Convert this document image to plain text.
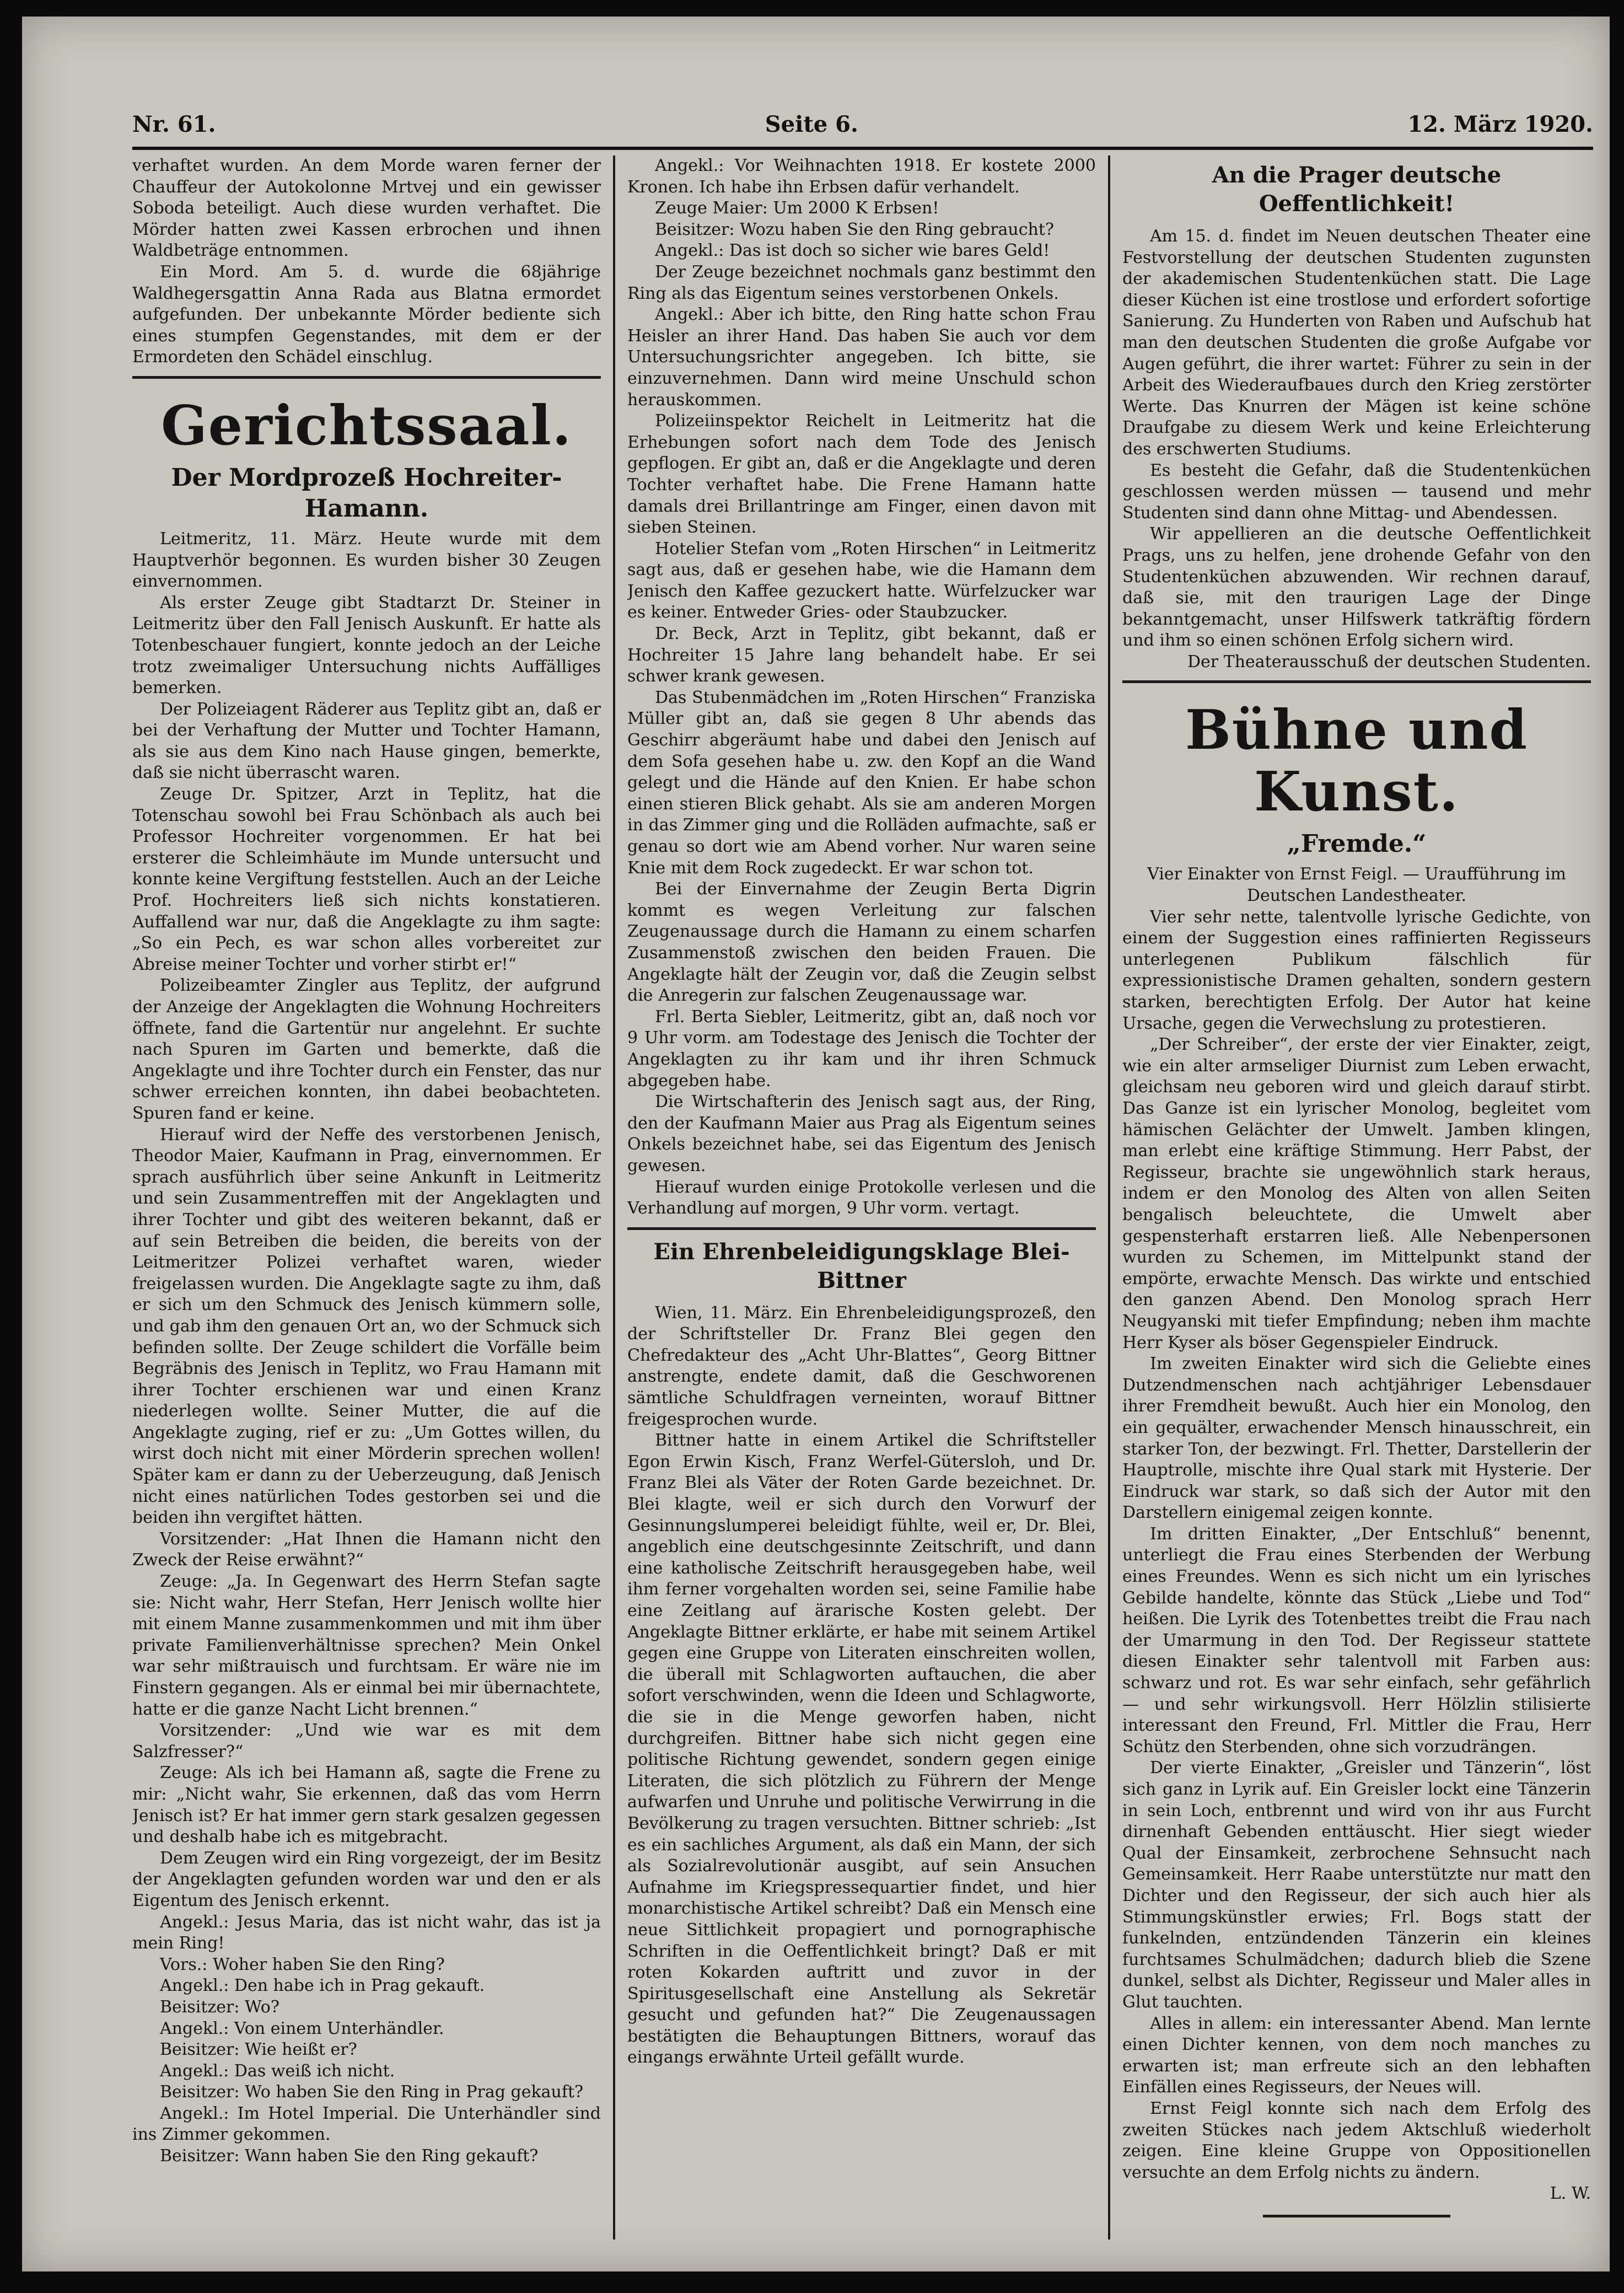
Nr. 61.	Seite 6.	12. März 1920.

verhaftet wurden. An dem Morde waren ferner der Chauffeur der Autokolonne Mrtvej und ein gewisser Soboda beteiligt. Auch diese wurden verhaftet. Die Mörder hatten zwei Kassen erbrochen und ihnen Waldbeträge entnommen.

Ein Mord. Am 5. d. wurde die 68jährige Waldhegersgattin Anna Rada aus Blatna ermordet aufgefunden. Der unbekannte Mörder bediente sich eines stumpfen Gegenstandes, mit dem er der Ermordeten den Schädel einschlug.

Gerichtssaal.
Der Mordprozeß Hochreiter-Hamann.

Leitmeritz, 11. März. Heute wurde mit dem Hauptverhör begonnen. Es wurden bisher 30 Zeugen einvernommen.

Als erster Zeuge gibt Stadtarzt Dr. Steiner in Leitmeritz über den Fall Jenisch Auskunft. Er hatte als Totenbeschauer fungiert, konnte jedoch an der Leiche trotz zweimaliger Untersuchung nichts Auffälliges bemerken.

Der Polizeiagent Räderer aus Teplitz gibt an, daß er bei der Verhaftung der Mutter und Tochter Hamann, als sie aus dem Kino nach Hause gingen, bemerkte, daß sie nicht überrascht waren.

Zeuge Dr. Spitzer, Arzt in Teplitz, hat die Totenschau sowohl bei Frau Schönbach als auch bei Professor Hochreiter vorgenommen. Er hat bei ersterer die Schleimhäute im Munde untersucht und konnte keine Vergiftung feststellen. Auch an der Leiche Prof. Hochreiters ließ sich nichts konstatieren. Auffallend war nur, daß die Angeklagte zu ihm sagte: „So ein Pech, es war schon alles vorbereitet zur Abreise meiner Tochter und vorher stirbt er!“

Polizeibeamter Zingler aus Teplitz, der aufgrund der Anzeige der Angeklagten die Wohnung Hochreiters öffnete, fand die Gartentür nur angelehnt. Er suchte nach Spuren im Garten und bemerkte, daß die Angeklagte und ihre Tochter durch ein Fenster, das nur schwer erreichen konnten, ihn dabei beobachteten. Spuren fand er keine.

Hierauf wird der Neffe des verstorbenen Jenisch, Theodor Maier, Kaufmann in Prag, einvernommen. Er sprach ausführlich über seine Ankunft in Leitmeritz und sein Zusammentreffen mit der Angeklagten und ihrer Tochter und gibt des weiteren bekannt, daß er auf sein Betreiben die beiden, die bereits von der Leitmeritzer Polizei verhaftet waren, wieder freigelassen wurden. Die Angeklagte sagte zu ihm, daß er sich um den Schmuck des Jenisch kümmern solle, und gab ihm den genauen Ort an, wo der Schmuck sich befinden sollte. Der Zeuge schildert die Vorfälle beim Begräbnis des Jenisch in Teplitz, wo Frau Hamann mit ihrer Tochter erschienen war und einen Kranz niederlegen wollte. Seiner Mutter, die auf die Angeklagte zuging, rief er zu: „Um Gottes willen, du wirst doch nicht mit einer Mörderin sprechen wollen! Später kam er dann zu der Ueberzeugung, daß Jenisch nicht eines natürlichen Todes gestorben sei und die beiden ihn vergiftet hätten.

Vorsitzender: „Hat Ihnen die Hamann nicht den Zweck der Reise erwähnt?“

Zeuge: „Ja. In Gegenwart des Herrn Stefan sagte sie: Nicht wahr, Herr Stefan, Herr Jenisch wollte hier mit einem Manne zusammenkommen und mit ihm über private Familienverhältnisse sprechen? Mein Onkel war sehr mißtrauisch und furchtsam. Er wäre nie im Finstern gegangen. Als er einmal bei mir übernachtete, hatte er die ganze Nacht Licht brennen.“

Vorsitzender: „Und wie war es mit dem Salzfresser?“

Zeuge: Als ich bei Hamann aß, sagte die Frene zu mir: „Nicht wahr, Sie erkennen, daß das vom Herrn Jenisch ist? Er hat immer gern stark gesalzen gegessen und deshalb habe ich es mitgebracht.

Dem Zeugen wird ein Ring vorgezeigt, der im Besitz der Angeklagten gefunden worden war und den er als Eigentum des Jenisch erkennt.

Angekl.: Jesus Maria, das ist nicht wahr, das ist ja mein Ring!

Vors.: Woher haben Sie den Ring?

Angekl.: Den habe ich in Prag gekauft.

Beisitzer: Wo?

Angekl.: Von einem Unterhändler.

Beisitzer: Wie heißt er?

Angekl.: Das weiß ich nicht.

Beisitzer: Wo haben Sie den Ring in Prag gekauft?

Angekl.: Im Hotel Imperial. Die Unterhändler sind ins Zimmer gekommen.

Beisitzer: Wann haben Sie den Ring gekauft?

Angekl.: Vor Weihnachten 1918. Er kostete 2000 Kronen. Ich habe ihn Erbsen dafür verhandelt.

Zeuge Maier: Um 2000 K Erbsen!

Beisitzer: Wozu haben Sie den Ring gebraucht?

Angekl.: Das ist doch so sicher wie bares Geld!

Der Zeuge bezeichnet nochmals ganz bestimmt den Ring als das Eigentum seines verstorbenen Onkels.

Angekl.: Aber ich bitte, den Ring hatte schon Frau Heisler an ihrer Hand. Das haben Sie auch vor dem Untersuchungsrichter angegeben. Ich bitte, sie einzuvernehmen. Dann wird meine Unschuld schon herauskommen.

Polizeiinspektor Reichelt in Leitmeritz hat die Erhebungen sofort nach dem Tode des Jenisch gepflogen. Er gibt an, daß er die Angeklagte und deren Tochter verhaftet habe. Die Frene Hamann hatte damals drei Brillantringe am Finger, einen davon mit sieben Steinen.

Hotelier Stefan vom „Roten Hirschen“ in Leitmeritz sagt aus, daß er gesehen habe, wie die Hamann dem Jenisch den Kaffee gezuckert hatte. Würfelzucker war es keiner. Entweder Gries- oder Staubzucker.

Dr. Beck, Arzt in Teplitz, gibt bekannt, daß er Hochreiter 15 Jahre lang behandelt habe. Er sei schwer krank gewesen.

Das Stubenmädchen im „Roten Hirschen“ Franziska Müller gibt an, daß sie gegen 8 Uhr abends das Geschirr abgeräumt habe und dabei den Jenisch auf dem Sofa gesehen habe u. zw. den Kopf an die Wand gelegt und die Hände auf den Knien. Er habe schon einen stieren Blick gehabt. Als sie am anderen Morgen in das Zimmer ging und die Rolläden aufmachte, saß er genau so dort wie am Abend vorher. Nur waren seine Knie mit dem Rock zugedeckt. Er war schon tot.

Bei der Einvernahme der Zeugin Berta Digrin kommt es wegen Verleitung zur falschen Zeugenaussage durch die Hamann zu einem scharfen Zusammenstoß zwischen den beiden Frauen. Die Angeklagte hält der Zeugin vor, daß die Zeugin selbst die Anregerin zur falschen Zeugenaussage war.

Frl. Berta Siebler, Leitmeritz, gibt an, daß noch vor 9 Uhr vorm. am Todestage des Jenisch die Tochter der Angeklagten zu ihr kam und ihr ihren Schmuck abgegeben habe.

Die Wirtschafterin des Jenisch sagt aus, der Ring, den der Kaufmann Maier aus Prag als Eigentum seines Onkels bezeichnet habe, sei das Eigentum des Jenisch gewesen.

Hierauf wurden einige Protokolle verlesen und die Verhandlung auf morgen, 9 Uhr vorm. vertagt.

Ein Ehrenbeleidigungsklage Blei-Bittner

Wien, 11. März. Ein Ehrenbeleidigungsprozeß, den der Schriftsteller Dr. Franz Blei gegen den Chefredakteur des „Acht Uhr-Blattes“, Georg Bittner anstrengte, endete damit, daß die Geschworenen sämtliche Schuldfragen verneinten, worauf Bittner freigesprochen wurde.

Bittner hatte in einem Artikel die Schriftsteller Egon Erwin Kisch, Franz Werfel-Gütersloh, und Dr. Franz Blei als Väter der Roten Garde bezeichnet. Dr. Blei klagte, weil er sich durch den Vorwurf der Gesinnungslumperei beleidigt fühlte, weil er, Dr. Blei, angeblich eine deutschgesinnte Zeitschrift, und dann eine katholische Zeitschrift herausgegeben habe, weil ihm ferner vorgehalten worden sei, seine Familie habe eine Zeitlang auf ärarische Kosten gelebt. Der Angeklagte Bittner erklärte, er habe mit seinem Artikel gegen eine Gruppe von Literaten einschreiten wollen, die überall mit Schlagworten auftauchen, die aber sofort verschwinden, wenn die Ideen und Schlagworte, die sie in die Menge geworfen haben, nicht durchgreifen. Bittner habe sich nicht gegen eine politische Richtung gewendet, sondern gegen einige Literaten, die sich plötzlich zu Führern der Menge aufwarfen und Unruhe und politische Verwirrung in die Bevölkerung zu tragen versuchten. Bittner schrieb: „Ist es ein sachliches Argument, als daß ein Mann, der sich als Sozialrevolutionär ausgibt, auf sein Ansuchen Aufnahme im Kriegspressequartier findet, und hier monarchistische Artikel schreibt? Daß ein Mensch eine neue Sittlichkeit propagiert und pornographische Schriften in die Oeffentlichkeit bringt? Daß er mit roten Kokarden auftritt und zuvor in der Spiritusgesellschaft eine Anstellung als Sekretär gesucht und gefunden hat?“ Die Zeugenaussagen bestätigten die Behauptungen Bittners, worauf das eingangs erwähnte Urteil gefällt wurde.

An die Prager deutsche Oeffentlichkeit!

Am 15. d. findet im Neuen deutschen Theater eine Festvorstellung der deutschen Studenten zugunsten der akademischen Studentenküchen statt. Die Lage dieser Küchen ist eine trostlose und erfordert sofortige Sanierung. Zu Hunderten von Raben und Aufschub hat man den deutschen Studenten die große Aufgabe vor Augen geführt, die ihrer wartet: Führer zu sein in der Arbeit des Wiederaufbaues durch den Krieg zerstörter Werte. Das Knurren der Mägen ist keine schöne Draufgabe zu diesem Werk und keine Erleichterung des erschwerten Studiums.

Es besteht die Gefahr, daß die Studentenküchen geschlossen werden müssen — tausend und mehr Studenten sind dann ohne Mittag- und Abendessen.

Wir appellieren an die deutsche Oeffentlichkeit Prags, uns zu helfen, jene drohende Gefahr von den Studentenküchen abzuwenden. Wir rechnen darauf, daß sie, mit den traurigen Lage der Dinge bekanntgemacht, unser Hilfswerk tatkräftig fördern und ihm so einen schönen Erfolg sichern wird.

Der Theaterausschuß der deutschen Studenten.

Bühne und Kunst.
„Fremde.“

Vier Einakter von Ernst Feigl. — Uraufführung im Deutschen Landestheater.

Vier sehr nette, talentvolle lyrische Gedichte, von einem der Suggestion eines raffinierten Regisseurs unterlegenen Publikum fälschlich für expressionistische Dramen gehalten, sondern gestern starken, berechtigten Erfolg. Der Autor hat keine Ursache, gegen die Verwechslung zu protestieren.

„Der Schreiber“, der erste der vier Einakter, zeigt, wie ein alter armseliger Diurnist zum Leben erwacht, gleichsam neu geboren wird und gleich darauf stirbt. Das Ganze ist ein lyrischer Monolog, begleitet vom hämischen Gelächter der Umwelt. Jamben klingen, man erlebt eine kräftige Stimmung. Herr Pabst, der Regisseur, brachte sie ungewöhnlich stark heraus, indem er den Monolog des Alten von allen Seiten bengalisch beleuchtete, die Umwelt aber gespensterhaft erstarren ließ. Alle Nebenpersonen wurden zu Schemen, im Mittelpunkt stand der empörte, erwachte Mensch. Das wirkte und entschied den ganzen Abend. Den Monolog sprach Herr Neugyanski mit tiefer Empfindung; neben ihm machte Herr Kyser als böser Gegenspieler Eindruck.

Im zweiten Einakter wird sich die Geliebte eines Dutzendmenschen nach achtjähriger Lebensdauer ihrer Fremdheit bewußt. Auch hier ein Monolog, den ein gequälter, erwachender Mensch hinausschreit, ein starker Ton, der bezwingt. Frl. Thetter, Darstellerin der Hauptrolle, mischte ihre Qual stark mit Hysterie. Der Eindruck war stark, so daß sich der Autor mit den Darstellern einigemal zeigen konnte.

Im dritten Einakter, „Der Entschluß“ benennt, unterliegt die Frau eines Sterbenden der Werbung eines Freundes. Wenn es sich nicht um ein lyrisches Gebilde handelte, könnte das Stück „Liebe und Tod“ heißen. Die Lyrik des Totenbettes treibt die Frau nach der Umarmung in den Tod. Der Regisseur stattete diesen Einakter sehr talentvoll mit Farben aus: schwarz und rot. Es war sehr einfach, sehr gefährlich — und sehr wirkungsvoll. Herr Hölzlin stilisierte interessant den Freund, Frl. Mittler die Frau, Herr Schütz den Sterbenden, ohne sich vorzudrängen.

Der vierte Einakter, „Greisler und Tänzerin“, löst sich ganz in Lyrik auf. Ein Greisler lockt eine Tänzerin in sein Loch, entbrennt und wird von ihr aus Furcht dirnenhaft Gebenden enttäuscht. Hier siegt wieder Qual der Einsamkeit, zerbrochene Sehnsucht nach Gemeinsamkeit. Herr Raabe unterstützte nur matt den Dichter und den Regisseur, der sich auch hier als Stimmungskünstler erwies; Frl. Bogs statt der funkelnden, entzündenden Tänzerin ein kleines furchtsames Schulmädchen; dadurch blieb die Szene dunkel, selbst als Dichter, Regisseur und Maler alles in Glut tauchten.

Alles in allem: ein interessanter Abend. Man lernte einen Dichter kennen, von dem noch manches zu erwarten ist; man erfreute sich an den lebhaften Einfällen eines Regisseurs, der Neues will.

Ernst Feigl konnte sich nach dem Erfolg des zweiten Stückes nach jedem Aktschluß wiederholt zeigen. Eine kleine Gruppe von Oppositionellen versuchte an dem Erfolg nichts zu ändern.

L. W.
